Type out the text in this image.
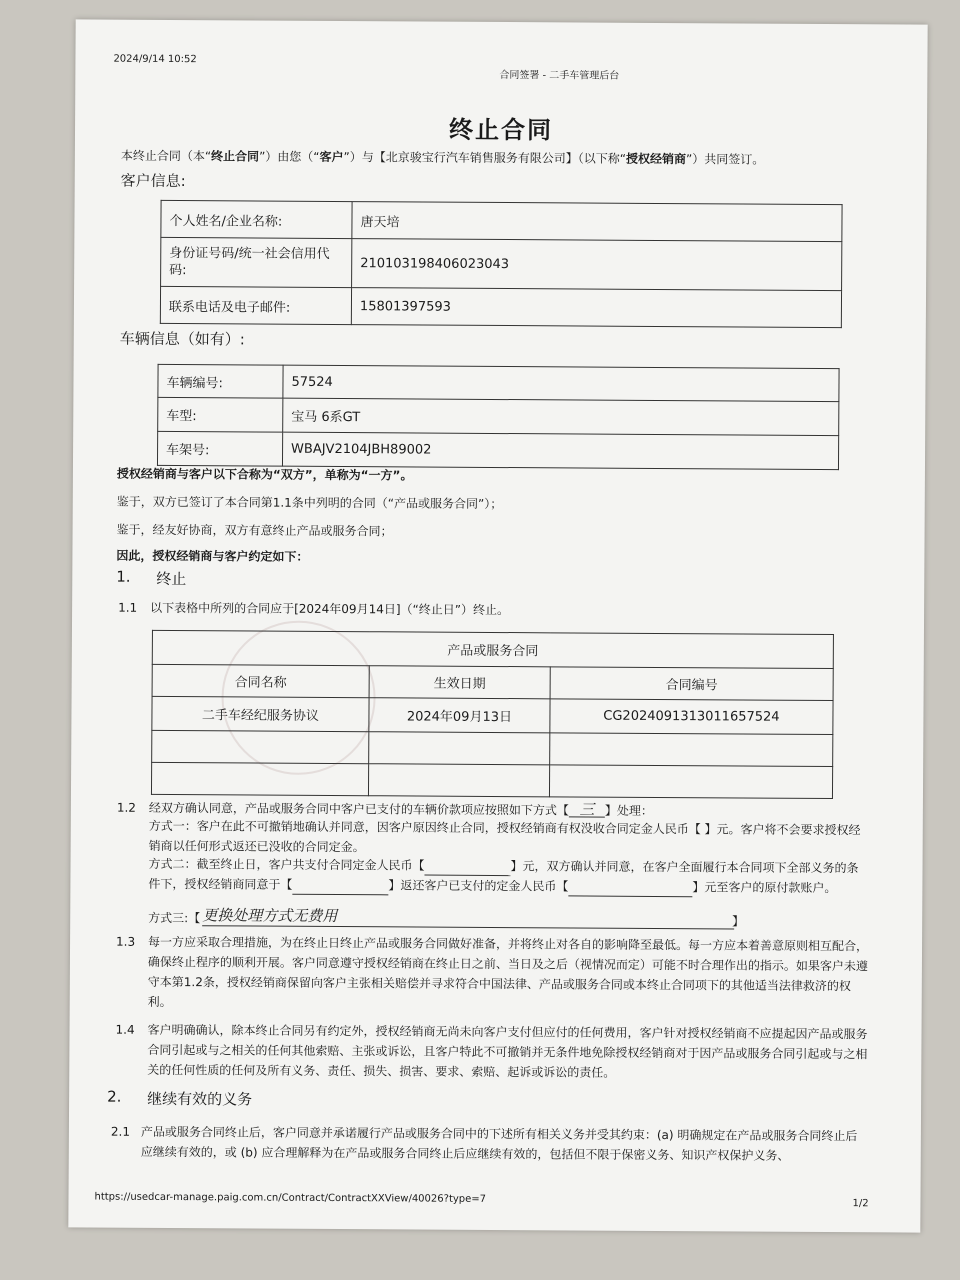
2024/9/14 10:52
合同签署 - 二手车管理后台
终止合同
本终止合同（本“终止合同”）由您（“客户”）与【北京骏宝行汽车销售服务有限公司】（以下称“授权经销商”）共同签订。
客户信息:
个人姓名/企业名称:	唐天培
身份证号码/统一社会信用代码:	210103198406023043
联系电话及电子邮件:	15801397593
车辆信息（如有）:
车辆编号:	57524
车型:	宝马 6系GT
车架号:	WBAJV2104JBH89002
授权经销商与客户以下合称为“双方”，单称为“一方”。
鉴于，双方已签订了本合同第1.1条中列明的合同（“产品或服务合同”）；
鉴于，经友好协商，双方有意终止产品或服务合同；
因此，授权经销商与客户约定如下：
1. 终止
1.1 以下表格中所列的合同应于[2024年09月14日]（“终止日”）终止。
产品或服务合同		
合同名称	生效日期	合同编号
二手车经纪服务协议	2024年09月13日	CG2024091313011657524

1.2 经双方确认同意，产品或服务合同中客户已支付的车辆价款项应按照如下方式【 三 】处理：
方式一：客户在此不可撤销地确认并同意，因客户原因终止合同，授权经销商有权没收合同定金人民币【 】元。客户将不会要求授权经销商以任何形式返还已没收的合同定金。
方式二：截至终止日，客户共支付合同定金人民币【	】元，双方确认并同意，在客户全面履行本合同项下全部义务的条件下，授权经销商同意于【	】返还客户已支付的定金人民币【	】元至客户的原付款账户。
方式三:【 更换处理方式无费用	】
1.3 每一方应采取合理措施，为在终止日终止产品或服务合同做好准备，并将终止对各自的影响降至最低。每一方应本着善意原则相互配合，确保终止程序的顺利开展。客户同意遵守授权经销商在终止日之前、当日及之后（视情况而定）可能不时合理作出的指示。如果客户未遵守本第1.2条，授权经销商保留向客户主张相关赔偿并寻求符合中国法律、产品或服务合同或本终止合同项下的其他适当法律救济的权利。
1.4 客户明确确认，除本终止合同另有约定外，授权经销商无尚未向客户支付但应付的任何费用，客户针对授权经销商不应提起因产品或服务合同引起或与之相关的任何其他索赔、主张或诉讼，且客户特此不可撤销并无条件地免除授权经销商对于因产品或服务合同引起或与之相关的任何性质的任何及所有义务、责任、损失、损害、要求、索赔、起诉或诉讼的责任。
2. 继续有效的义务
2.1 产品或服务合同终止后，客户同意并承诺履行产品或服务合同中的下述所有相关义务并受其约束：(a) 明确规定在产品或服务合同终止后应继续有效的，或 (b) 应合理解释为在产品或服务合同终止后应继续有效的，包括但不限于保密义务、知识产权保护义务、
https://usedcar-manage.paig.com.cn/Contract/ContractXXView/40026?type=7	1/2
